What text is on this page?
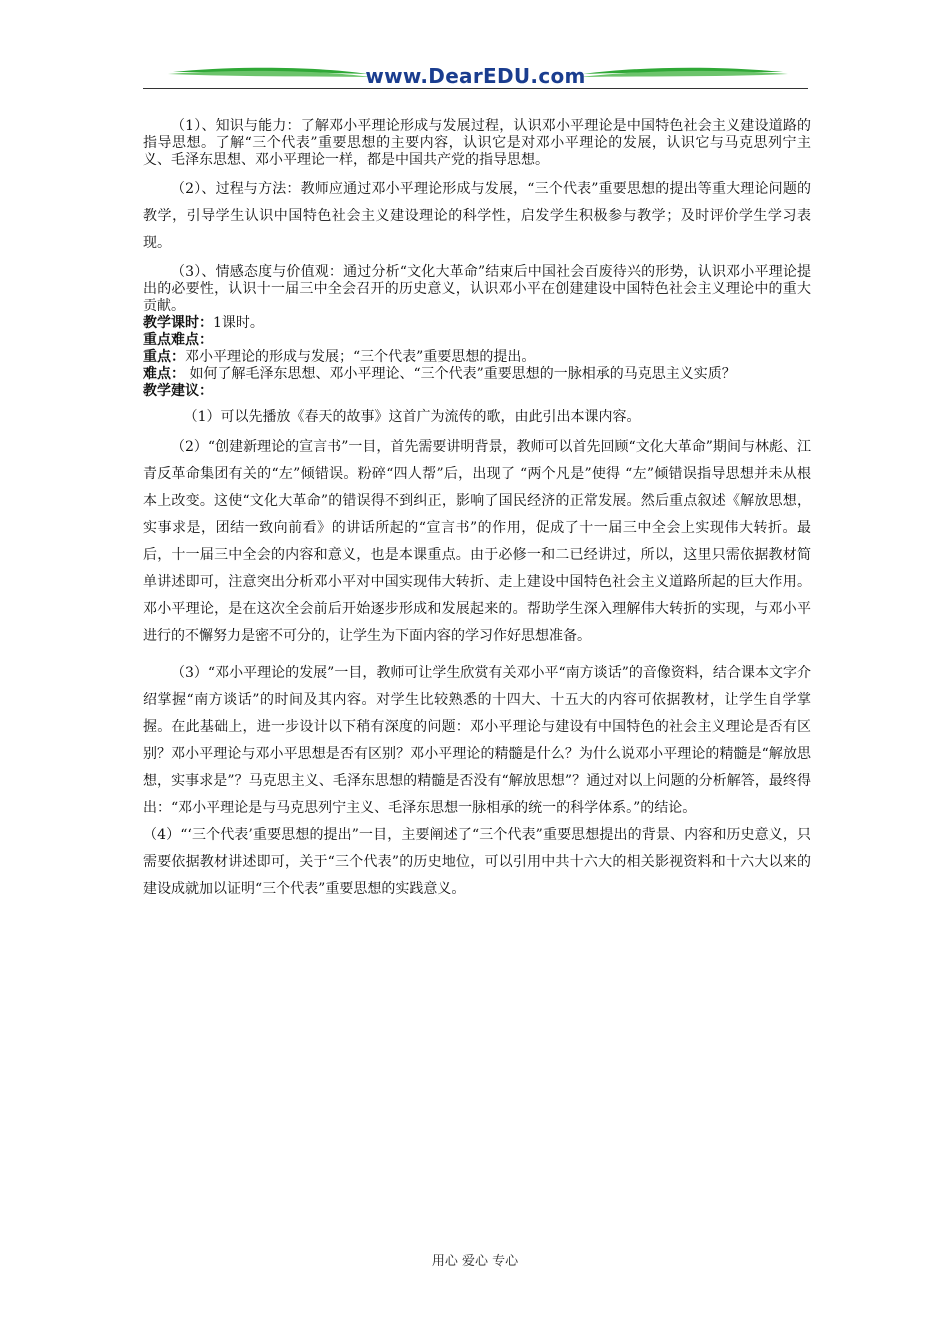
www.DearEDU.com

（1）、知识与能力：了解邓小平理论形成与发展过程，认识邓小平理论是中国特色社会主义建设道路的指导思想。了解“三个代表”重要思想的主要内容，认识它是对邓小平理论的发展，认识它与马克思列宁主义、毛泽东思想、邓小平理论一样，都是中国共产党的指导思想。

（2）、过程与方法：教师应通过邓小平理论形成与发展，“三个代表”重要思想的提出等重大理论问题的教学，引导学生认识中国特色社会主义建设理论的科学性，启发学生积极参与教学；及时评价学生学习表现。

（3）、情感态度与价值观：通过分析“文化大革命”结束后中国社会百废待兴的形势，认识邓小平理论提出的必要性，认识十一届三中全会召开的历史意义，认识邓小平在创建建设中国特色社会主义理论中的重大贡献。

教学课时：1课时。

重点难点：

重点：邓小平理论的形成与发展；“三个代表”重要思想的提出。

难点： 如何了解毛泽东思想、邓小平理论、“三个代表”重要思想的一脉相承的马克思主义实质？

教学建议：

（1）可以先播放《春天的故事》这首广为流传的歌，由此引出本课内容。

（2）“创建新理论的宣言书”一目，首先需要讲明背景，教师可以首先回顾“文化大革命”期间与林彪、江青反革命集团有关的“左”倾错误。粉碎“四人帮”后，出现了 “两个凡是”使得 “左”倾错误指导思想并未从根本上改变。这使“文化大革命”的错误得不到纠正，影响了国民经济的正常发展。然后重点叙述《解放思想，实事求是，团结一致向前看》的讲话所起的“宣言书”的作用，促成了十一届三中全会上实现伟大转折。最后，十一届三中全会的内容和意义，也是本课重点。由于必修一和二已经讲过，所以，这里只需依据教材简单讲述即可，注意突出分析邓小平对中国实现伟大转折、走上建设中国特色社会主义道路所起的巨大作用。邓小平理论，是在这次全会前后开始逐步形成和发展起来的。帮助学生深入理解伟大转折的实现，与邓小平进行的不懈努力是密不可分的，让学生为下面内容的学习作好思想准备。

（3）“邓小平理论的发展”一目，教师可让学生欣赏有关邓小平“南方谈话”的音像资料，结合课本文字介绍掌握“南方谈话”的时间及其内容。对学生比较熟悉的十四大、十五大的内容可依据教材，让学生自学掌握。在此基础上，进一步设计以下稍有深度的问题：邓小平理论与建设有中国特色的社会主义理论是否有区别？邓小平理论与邓小平思想是否有区别？邓小平理论的精髓是什么？为什么说邓小平理论的精髓是“解放思想，实事求是”？马克思主义、毛泽东思想的精髓是否没有“解放思想”？通过对以上问题的分析解答，最终得出：“邓小平理论是与马克思列宁主义、毛泽东思想一脉相承的统一的科学体系。”的结论。

（4）“‘三个代表’重要思想的提出”一目，主要阐述了“三个代表”重要思想提出的背景、内容和历史意义，只需要依据教材讲述即可，关于“三个代表”的历史地位，可以引用中共十六大的相关影视资料和十六大以来的建设成就加以证明“三个代表”重要思想的实践意义。

用心 爱心 专心
